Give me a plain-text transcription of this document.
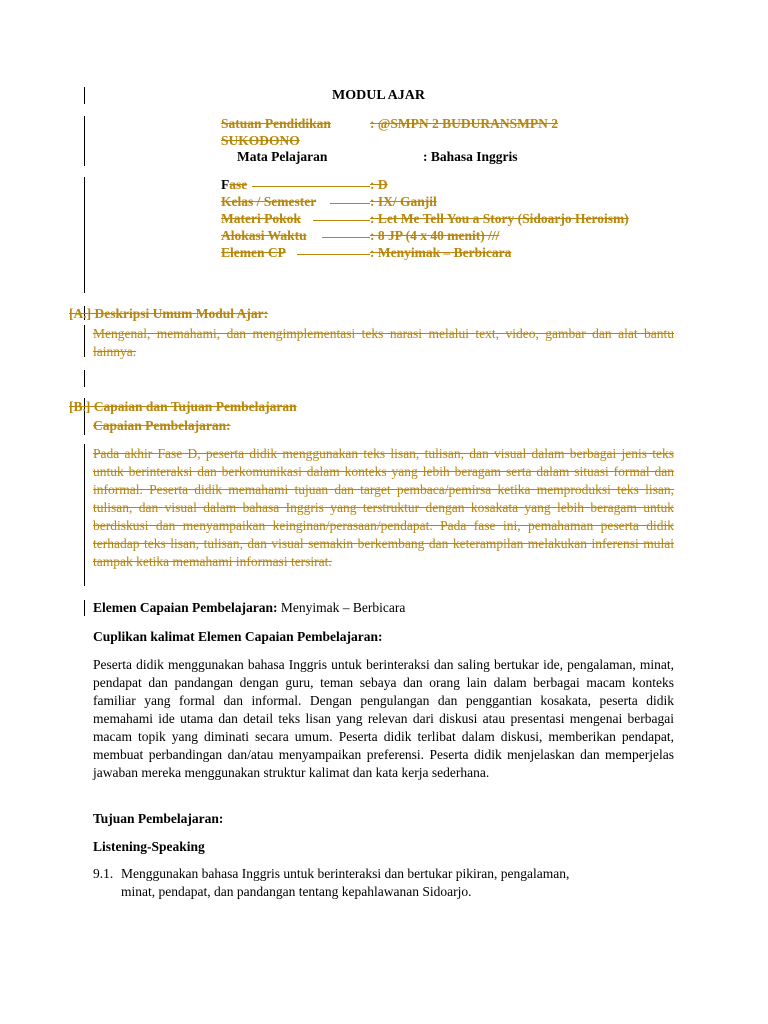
MODUL AJAR
Satuan Pendidikan	: @SMPN 2 BUDURANSMPN 2
SUKODONO
Mata Pelajaran	: Bahasa Inggris
Fase	: D
Kelas / Semester	: IX/ Ganjil
Materi Pokok	: Let Me Tell You a Story (Sidoarjo Heroism)
Alokasi Waktu	: 8 JP (4 x 40 menit) ///
Elemen CP	: Menyimak – Berbicara
[A.] Deskripsi Umum Modul Ajar:
Mengenal, memahami, dan mengimplementasi teks narasi melalui text, video, gambar dan alat bantu lainnya.
[B.] Capaian dan Tujuan Pembelajaran
Capaian Pembelajaran:
Pada akhir Fase D, peserta didik menggunakan teks lisan, tulisan, dan visual dalam berbagai jenis teks untuk berinteraksi dan berkomunikasi dalam konteks yang lebih beragam serta dalam situasi formal dan informal. Peserta didik memahami tujuan dan target pembaca/pemirsa ketika memproduksi teks lisan, tulisan, dan visual dalam bahasa Inggris yang terstruktur dengan kosakata yang lebih beragam untuk berdiskusi dan menyampaikan keinginan/perasaan/pendapat. Pada fase ini, pemahaman peserta didik terhadap teks lisan, tulisan, dan visual semakin berkembang dan keterampilan melakukan inferensi mulai tampak ketika memahami informasi tersirat.
Elemen Capaian Pembelajaran: Menyimak – Berbicara
Cuplikan kalimat Elemen Capaian Pembelajaran:
Peserta didik menggunakan bahasa Inggris untuk berinteraksi dan saling bertukar ide, pengalaman, minat, pendapat dan pandangan dengan guru, teman sebaya dan orang lain dalam berbagai macam konteks familiar yang formal dan informal. Dengan pengulangan dan penggantian kosakata, peserta didik memahami ide utama dan detail teks lisan yang relevan dari diskusi atau presentasi mengenai berbagai macam topik yang diminati secara umum. Peserta didik terlibat dalam diskusi, memberikan pendapat, membuat perbandingan dan/atau menyampaikan preferensi. Peserta didik menjelaskan dan memperjelas jawaban mereka menggunakan struktur kalimat dan kata kerja sederhana.
Tujuan Pembelajaran:
Listening-Speaking
9.1. Menggunakan bahasa Inggris untuk berinteraksi dan bertukar pikiran, pengalaman,
minat, pendapat, dan pandangan tentang kepahlawanan Sidoarjo.
